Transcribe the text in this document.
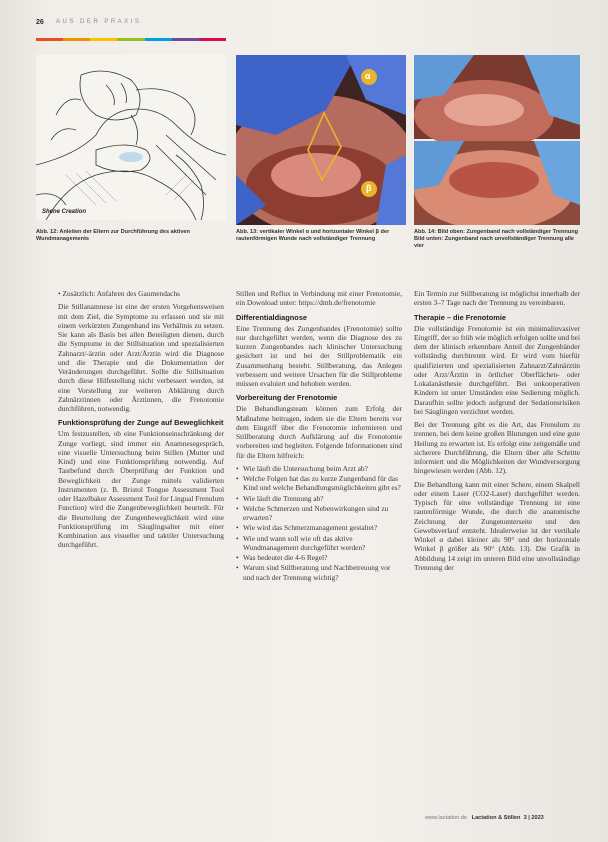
26 AUS DER PRAXIS
Shene Creation
Abb. 12: Anleiten der Eltern zur Durchführung des aktiven Wundmanagements
α
β
Abb. 13: vertikaler Winkel α und horizontaler Winkel β der rautenförmigen Wunde nach vollständiger Trennung
Abb. 14: Bild oben: Zungenband nach vollständiger Trennung
Bild unten: Zungenband nach unvollständiger Trennung alle vier

• Zusätzlich: Anfahren des Gaumendachs

Die Stillanamnese ist eine der ersten Vorgehensweisen mit dem Ziel, die Symptome zu erfassen und sie mit einem verkürzten Zungenband ins Verhältnis zu setzen. Sie kann als Basis bei allen Beteiligten dienen, durch die Symptome in der Stillsituation und spezialisierten Zahnarzt/-ärztin oder Arzt/Ärztin wird die Diagnose und die Therapie und die Dokumentation der Veränderungen durchgeführt. Sollte die Stillsituation durch diese Hilfestellung nicht verbessert werden, ist eine Vorstellung zur weiteren Abklärung durch Zahnärztinnen oder Ärztinnen, die Frenotomie durchführen, notwendig.

Funktionsprüfung der Zunge auf Beweglichkeit

Um festzustellen, ob eine Funktionseinschränkung der Zunge vorliegt, sind immer ein Anamnesegespräch, eine visuelle Untersuchung beim Stillen (Mutter und Kind) und eine Funktionsprüfung notwendig. Auf Tastbefund durch Überprüfung der Funktion und Beweglichkeit der Zunge mittels validierten Instrumenten (z. B. Bristol Tongue Assessment Tool oder Hazelbaker Assessment Tool for Lingual Frenulum Function) wird die Zungenbeweglichkeit beurteilt. Für die Beurteilung der Zungenbeweglichkeit wird eine Funktionsprüfung im Säuglingsalter mit einer Kombination aus visueller und taktiler Untersuchung durchgeführt.

Stillen und Reflux in Verbindung mit einer Frenotomie, ein Download unter: https://dmb.de/frenotomie

Differentialdiagnose

Eine Trennung des Zungenbandes (Frenotomie) sollte nur durchgeführt werden, wenn die Diagnose des zu kurzen Zungenbandes nach klinischer Untersuchung gesichert ist und bei der Stillproblematik ein Zusammenhang besteht. Stillberatung, das Anlegen verbessern und weitere Ursachen für die Stillprobleme müssen evaluiert und behoben werden.

Vorbereitung der Frenotomie

Die Behandlungsteam können zum Erfolg der Maßnahme beitragen, indem sie die Eltern bereits vor dem Eingriff über die Frenotomie informieren und Stillberatung durch Aufklärung auf die Frenotomie vorbereiten und begleiten. Folgende Informationen sind für die Eltern hilfreich:

• Wie läuft die Untersuchung beim Arzt ab?
• Welche Folgen hat das zu kurze Zungenband für das Kind und welche Behandlungsmöglichkeiten gibt es?
• Wie läuft die Trennung ab?
• Welche Schmerzen und Nebenwirkungen sind zu erwarten?
• Wie wird das Schmerzmanagement gestaltet?
• Wie und wann soll wie oft das aktive Wundmanagement durchgeführt werden?
• Was bedeutet die 4-6 Regel?
• Warum sind Stillberatung und Nachbetreuung vor und nach der Trennung wichtig?

Ein Termin zur Stillberatung ist möglichst innerhalb der ersten 3–7 Tage nach der Trennung zu vereinbaren.

Therapie – die Frenotomie

Die vollständige Frenotomie ist ein minimalinvasiver Eingriff, der so früh wie möglich erfolgen sollte und bei dem der klinisch erkennbare Anteil der Zungenbänder vollständig durchtrennt wird. Er wird vom hierfür qualifizierten und spezialisierten Zahnarzt/Zahnärztin oder Arzt/Ärztin in örtlicher Oberflächen- oder Lokalanästhesie durchgeführt. Bei unkooperativen Kindern ist unter Umständen eine Sedierung möglich. Daraufhin sollte jedoch aufgrund der Sedationsrisiken bei Säuglingen verzichtet werden.

Bei der Trennung gibt es die Art, das Frenulum zu trennen, bei dem keine großen Blutungen und eine gute Heilung zu erwarten ist. Es erfolgt eine zeitgemäße und sicherere Durchführung, die Eltern über alle Schritte informiert und die Möglichkeiten der Wundversorgung hingewiesen werden (Abb. 12).

Die Behandlung kann mit einer Schere, einem Skalpell oder einem Laser (CO2-Laser) durchgeführt werden. Typisch für eine vollständige Trennung ist eine rautenförmige Wunde, die durch die anatomische Zeichnung der Zungenunterseite und den Gewebsverlauf entsteht. Idealerweise ist der vertikale Winkel α dabei kleiner als 90° und der horizontale Winkel β größer als 90° (Abb. 13). Die Grafik in Abbildung 14 zeigt im unteren Bild eine unvollständige Trennung der

www.lactation.de Lactation & Stillen 3 | 2023
